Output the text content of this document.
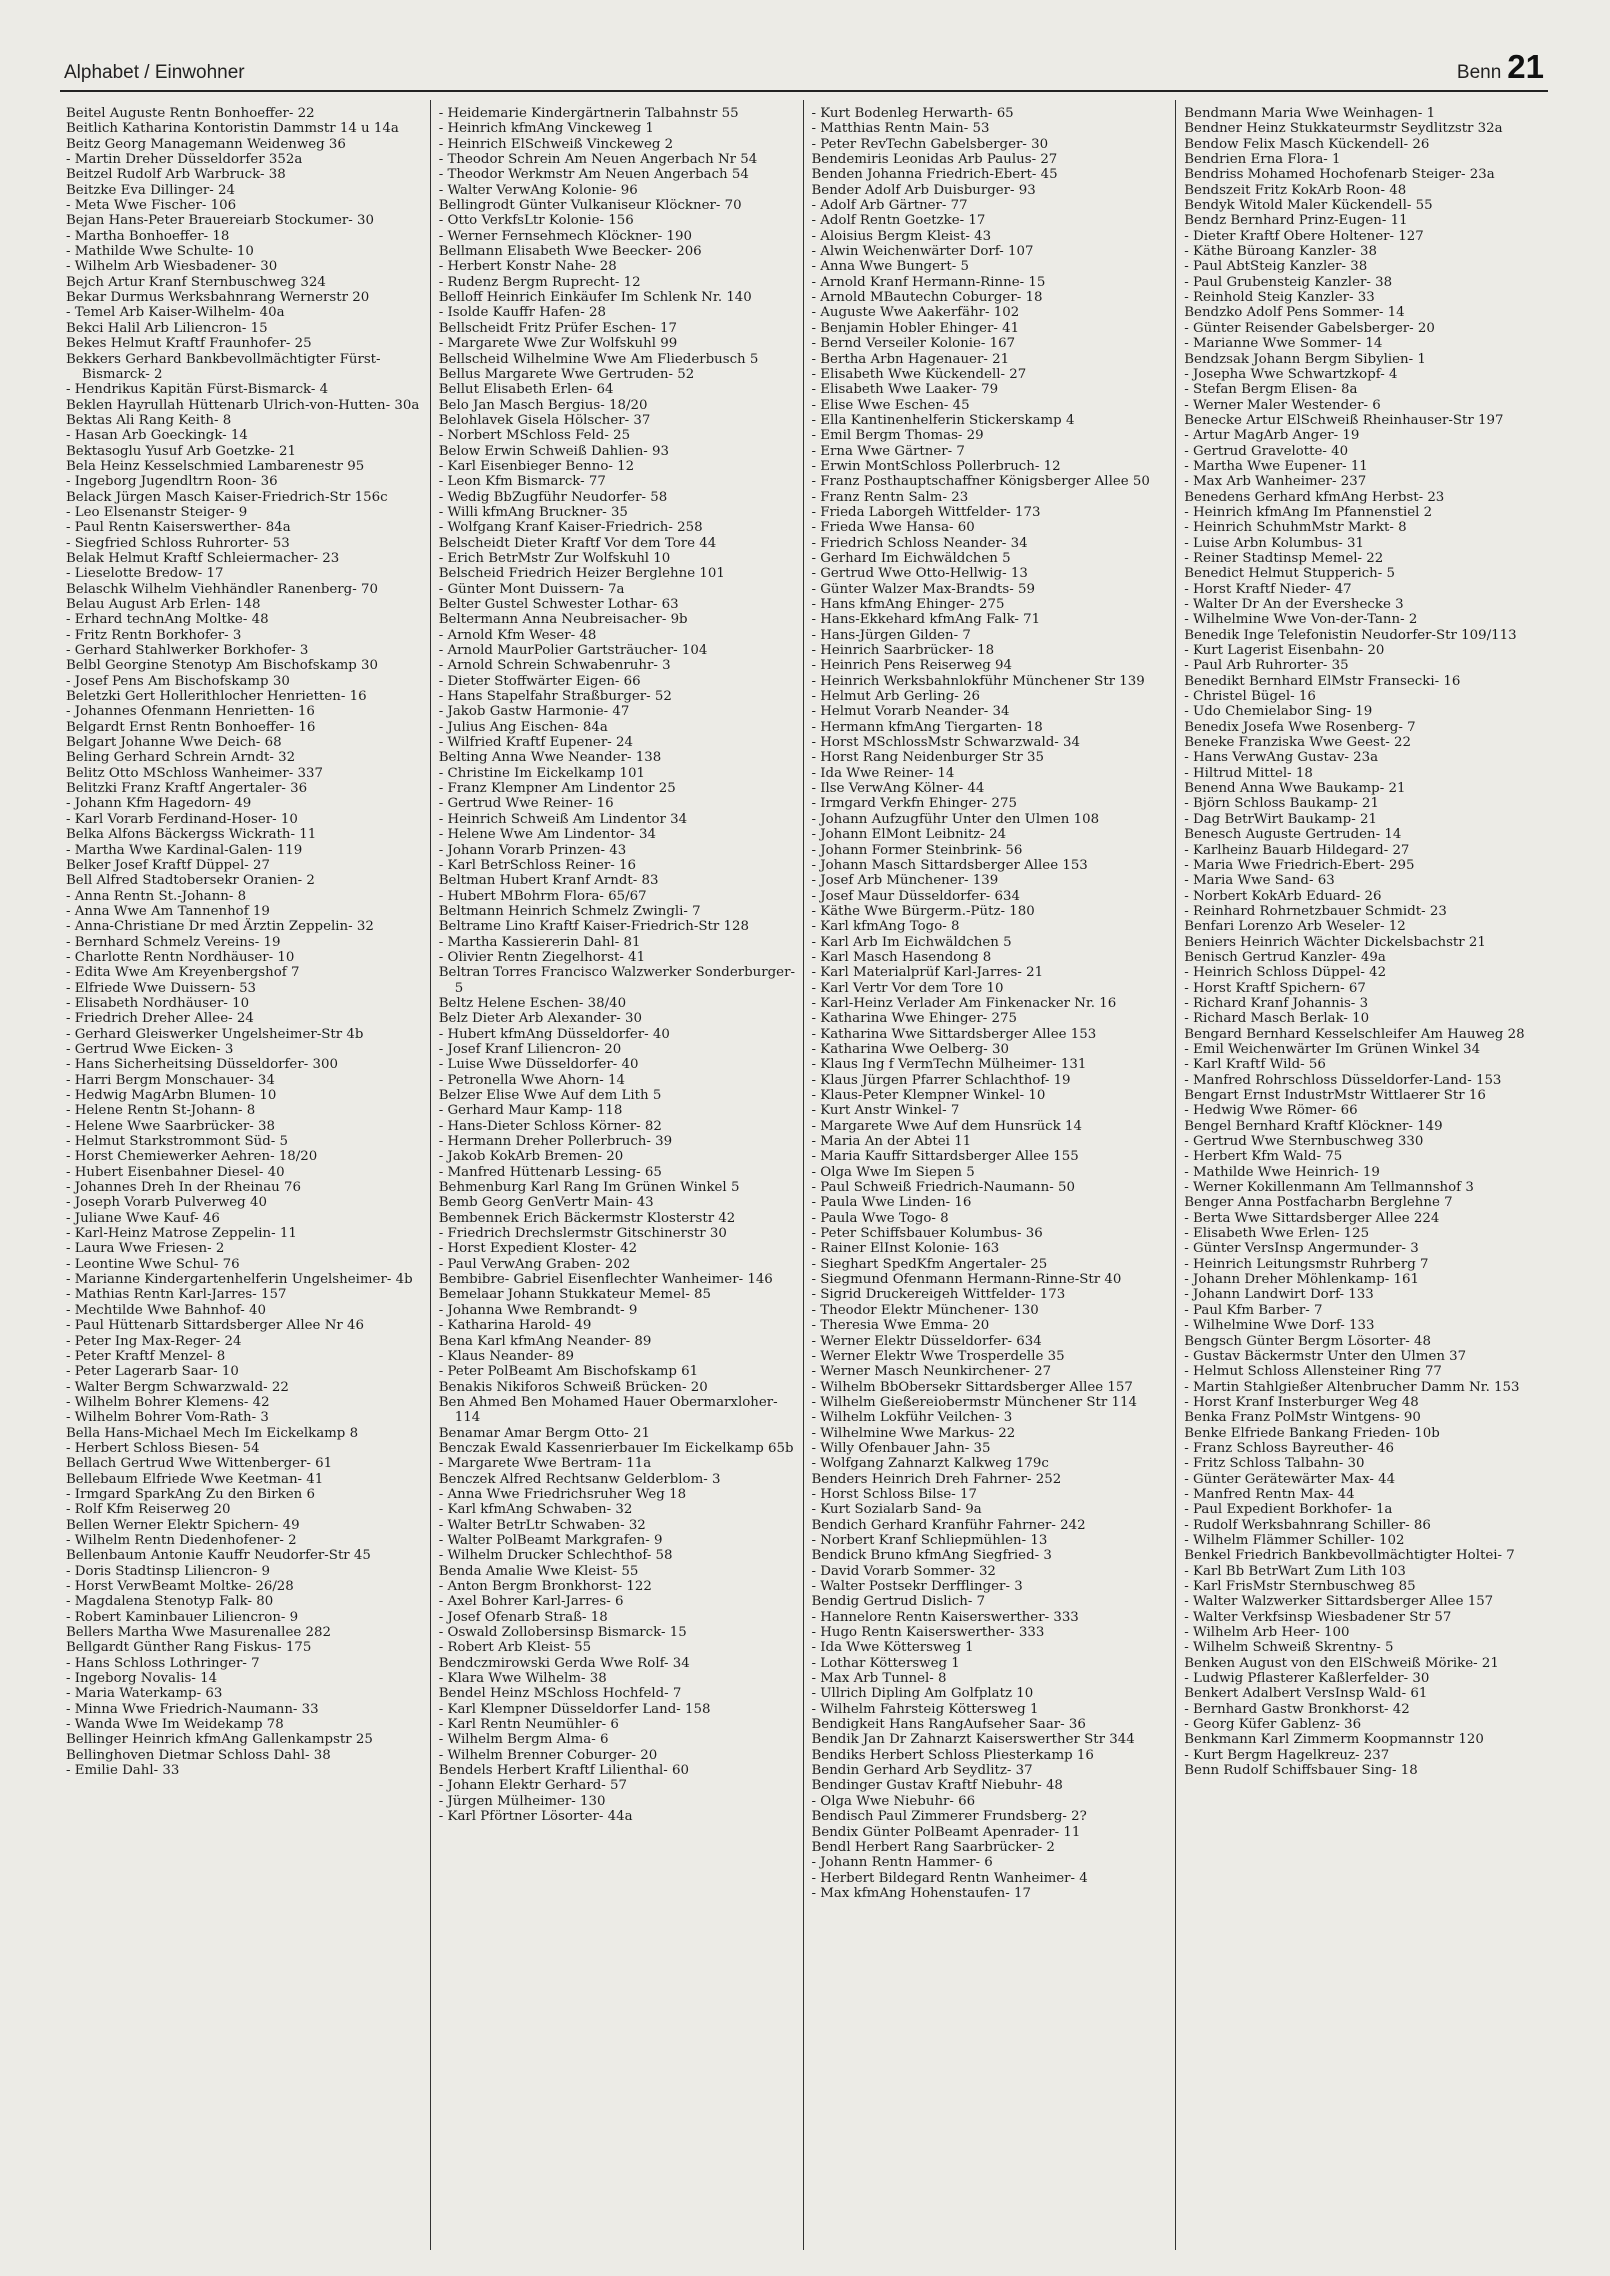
Alphabet / Einwohner	Benn 21

Beitel Auguste Rentn Bonhoeffer- 22

Beitlich Katharina Kontoristin Dammstr 14 u 14a

Beitz Georg Managemann Weidenweg 36

- Martin Dreher Düsseldorfer 352a

Beitzel Rudolf Arb Warbruck- 38

Beitzke Eva Dillinger- 24

- Meta Wwe Fischer- 106

Bejan Hans-Peter Brauereiarb Stockumer- 30

- Martha Bonhoeffer- 18

- Mathilde Wwe Schulte- 10

- Wilhelm Arb Wiesbadener- 30

Bejch Artur Kranf Sternbuschweg 324

Bekar Durmus Werksbahnrang Wernerstr 20

- Temel Arb Kaiser-Wilhelm- 40a

Bekci Halil Arb Liliencron- 15

Bekes Helmut Kraftf Fraunhofer- 25

Bekkers Gerhard Bankbevollmächtigter Fürst-Bismarck- 2

- Hendrikus Kapitän Fürst-Bismarck- 4

Beklen Hayrullah Hüttenarb Ulrich-von-Hutten- 30a

Bektas Ali Rang Keith- 8

- Hasan Arb Goeckingk- 14

Bektasoglu Yusuf Arb Goetzke- 21

Bela Heinz Kesselschmied Lambarenestr 95

- Ingeborg Jugendltrn Roon- 36

Belack Jürgen Masch Kaiser-Friedrich-Str 156c

- Leo Elsenanstr Steiger- 9

- Paul Rentn Kaiserswerther- 84a

- Siegfried Schloss Ruhrorter- 53

Belak Helmut Kraftf Schleiermacher- 23

- Lieselotte Bredow- 17

Belaschk Wilhelm Viehhändler Ranenberg- 70

Belau August Arb Erlen- 148

- Erhard technAng Moltke- 48

- Fritz Rentn Borkhofer- 3

- Gerhard Stahlwerker Borkhofer- 3

Belbl Georgine Stenotyp Am Bischofskamp 30

- Josef Pens Am Bischofskamp 30

Beletzki Gert Hollerithlocher Henrietten- 16

- Johannes Ofenmann Henrietten- 16

Belgardt Ernst Rentn Bonhoeffer- 16

Belgart Johanne Wwe Deich- 68

Beling Gerhard Schrein Arndt- 32

Belitz Otto MSchloss Wanheimer- 337

Belitzki Franz Kraftf Angertaler- 36

- Johann Kfm Hagedorn- 49

- Karl Vorarb Ferdinand-Hoser- 10

Belka Alfons Bäckergss Wickrath- 11

- Martha Wwe Kardinal-Galen- 119

Belker Josef Kraftf Düppel- 27

Bell Alfred Stadtobersekr Oranien- 2

- Anna Rentn St.-Johann- 8

- Anna Wwe Am Tannenhof 19

- Anna-Christiane Dr med Ärztin Zeppelin- 32

- Bernhard Schmelz Vereins- 19

- Charlotte Rentn Nordhäuser- 10

- Edita Wwe Am Kreyenbergshof 7

- Elfriede Wwe Duissern- 53

- Elisabeth Nordhäuser- 10

- Friedrich Dreher Allee- 24

- Gerhard Gleiswerker Ungelsheimer-Str 4b

- Gertrud Wwe Eicken- 3

- Hans Sicherheitsing Düsseldorfer- 300

- Harri Bergm Monschauer- 34

- Hedwig MagArbn Blumen- 10

- Helene Rentn St-Johann- 8

- Helene Wwe Saarbrücker- 38

- Helmut Starkstrommont Süd- 5

- Horst Chemiewerker Aehren- 18/20

- Hubert Eisenbahner Diesel- 40

- Johannes Dreh In der Rheinau 76

- Joseph Vorarb Pulverweg 40

- Juliane Wwe Kauf- 46

- Karl-Heinz Matrose Zeppelin- 11

- Laura Wwe Friesen- 2

- Leontine Wwe Schul- 76

- Marianne Kindergartenhelferin Ungelsheimer- 4b

- Mathias Rentn Karl-Jarres- 157

- Mechtilde Wwe Bahnhof- 40

- Paul Hüttenarb Sittardsberger Allee Nr 46

- Peter Ing Max-Reger- 24

- Peter Kraftf Menzel- 8

- Peter Lagerarb Saar- 10

- Walter Bergm Schwarzwald- 22

- Wilhelm Bohrer Klemens- 42

- Wilhelm Bohrer Vom-Rath- 3

Bella Hans-Michael Mech Im Eickelkamp 8

- Herbert Schloss Biesen- 54

Bellach Gertrud Wwe Wittenberger- 61

Bellebaum Elfriede Wwe Keetman- 41

- Irmgard SparkAng Zu den Birken 6

- Rolf Kfm Reiserweg 20

Bellen Werner Elektr Spichern- 49

- Wilhelm Rentn Diedenhofener- 2

Bellenbaum Antonie Kauffr Neudorfer-Str 45

- Doris Stadtinsp Liliencron- 9

- Horst VerwBeamt Moltke- 26/28

- Magdalena Stenotyp Falk- 80

- Robert Kaminbauer Liliencron- 9

Bellers Martha Wwe Masurenallee 282

Bellgardt Günther Rang Fiskus- 175

- Hans Schloss Lothringer- 7

- Ingeborg Novalis- 14

- Maria Waterkamp- 63

- Minna Wwe Friedrich-Naumann- 33

- Wanda Wwe Im Weidekamp 78

Bellinger Heinrich kfmAng Gallenkampstr 25

Bellinghoven Dietmar Schloss Dahl- 38

- Emilie Dahl- 33

- Heidemarie Kindergärtnerin Talbahnstr 55

- Heinrich kfmAng Vinckeweg 1

- Heinrich ElSchweiß Vinckeweg 2

- Theodor Schrein Am Neuen Angerbach Nr 54

- Theodor Werkmstr Am Neuen Angerbach 54

- Walter VerwAng Kolonie- 96

Bellingrodt Günter Vulkaniseur Klöckner- 70

- Otto VerkfsLtr Kolonie- 156

- Werner Fernsehmech Klöckner- 190

Bellmann Elisabeth Wwe Beecker- 206

- Herbert Konstr Nahe- 28

- Rudenz Bergm Ruprecht- 12

Belloff Heinrich Einkäufer Im Schlenk Nr. 140

- Isolde Kauffr Hafen- 28

Bellscheidt Fritz Prüfer Eschen- 17

- Margarete Wwe Zur Wolfskuhl 99

Bellscheid Wilhelmine Wwe Am Fliederbusch 5

Bellus Margarete Wwe Gertruden- 52

Bellut Elisabeth Erlen- 64

Belo Jan Masch Bergius- 18/20

Belohlavek Gisela Hölscher- 37

- Norbert MSchloss Feld- 25

Below Erwin Schweiß Dahlien- 93

- Karl Eisenbieger Benno- 12

- Leon Kfm Bismarck- 77

- Wedig BbZugführ Neudorfer- 58

- Willi kfmAng Bruckner- 35

- Wolfgang Kranf Kaiser-Friedrich- 258

Belscheidt Dieter Kraftf Vor dem Tore 44

- Erich BetrMstr Zur Wolfskuhl 10

Belscheid Friedrich Heizer Berglehne 101

- Günter Mont Duissern- 7a

Belter Gustel Schwester Lothar- 63

Beltermann Anna Neubreisacher- 9b

- Arnold Kfm Weser- 48

- Arnold MaurPolier Gartsträucher- 104

- Arnold Schrein Schwabenruhr- 3

- Dieter Stoffwärter Eigen- 66

- Hans Stapelfahr Straßburger- 52

- Jakob Gastw Harmonie- 47

- Julius Ang Eischen- 84a

- Wilfried Kraftf Eupener- 24

Belting Anna Wwe Neander- 138

- Christine Im Eickelkamp 101

- Franz Klempner Am Lindentor 25

- Gertrud Wwe Reiner- 16

- Heinrich Schweiß Am Lindentor 34

- Helene Wwe Am Lindentor- 34

- Johann Vorarb Prinzen- 43

- Karl BetrSchloss Reiner- 16

Beltman Hubert Kranf Arndt- 83

- Hubert MBohrm Flora- 65/67

Beltmann Heinrich Schmelz Zwingli- 7

Beltrame Lino Kraftf Kaiser-Friedrich-Str 128

- Martha Kassiererin Dahl- 81

- Olivier Rentn Ziegelhorst- 41

Beltran Torres Francisco Walzwerker Sonderburger- 5

Beltz Helene Eschen- 38/40

Belz Dieter Arb Alexander- 30

- Hubert kfmAng Düsseldorfer- 40

- Josef Kranf Liliencron- 20

- Luise Wwe Düsseldorfer- 40

- Petronella Wwe Ahorn- 14

Belzer Elise Wwe Auf dem Lith 5

- Gerhard Maur Kamp- 118

- Hans-Dieter Schloss Körner- 82

- Hermann Dreher Pollerbruch- 39

- Jakob KokArb Bremen- 20

- Manfred Hüttenarb Lessing- 65

Behmenburg Karl Rang Im Grünen Winkel 5

Bemb Georg GenVertr Main- 43

Bembennek Erich Bäckermstr Klosterstr 42

- Friedrich Drechslermstr Gitschinerstr 30

- Horst Expedient Kloster- 42

- Paul VerwAng Graben- 202

Bembibre- Gabriel Eisenflechter Wanheimer- 146

Bemelaar Johann Stukkateur Memel- 85

- Johanna Wwe Rembrandt- 9

- Katharina Harold- 49

Bena Karl kfmAng Neander- 89

- Klaus Neander- 89

- Peter PolBeamt Am Bischofskamp 61

Benakis Nikiforos Schweiß Brücken- 20

Ben Ahmed Ben Mohamed Hauer Obermarxloher- 114

Benamar Amar Bergm Otto- 21

Benczak Ewald Kassenrierbauer Im Eickelkamp 65b

- Margarete Wwe Bertram- 11a

Benczek Alfred Rechtsanw Gelderblom- 3

- Anna Wwe Friedrichsruher Weg 18

- Karl kfmAng Schwaben- 32

- Walter BetrLtr Schwaben- 32

- Walter PolBeamt Markgrafen- 9

- Wilhelm Drucker Schlechthof- 58

Benda Amalie Wwe Kleist- 55

- Anton Bergm Bronkhorst- 122

- Axel Bohrer Karl-Jarres- 6

- Josef Ofenarb Straß- 18

- Oswald Zollobersinsp Bismarck- 15

- Robert Arb Kleist- 55

Bendczmirowski Gerda Wwe Rolf- 34

- Klara Wwe Wilhelm- 38

Bendel Heinz MSchloss Hochfeld- 7

- Karl Klempner Düsseldorfer Land- 158

- Karl Rentn Neumühler- 6

- Wilhelm Bergm Alma- 6

- Wilhelm Brenner Coburger- 20

Bendels Herbert Kraftf Lilienthal- 60

- Johann Elektr Gerhard- 57

- Jürgen Mülheimer- 130

- Karl Pförtner Lösorter- 44a

- Kurt Bodenleg Herwarth- 65

- Matthias Rentn Main- 53

- Peter RevTechn Gabelsberger- 30

Bendemiris Leonidas Arb Paulus- 27

Benden Johanna Friedrich-Ebert- 45

Bender Adolf Arb Duisburger- 93

- Adolf Arb Gärtner- 77

- Adolf Rentn Goetzke- 17

- Aloisius Bergm Kleist- 43

- Alwin Weichenwärter Dorf- 107

- Anna Wwe Bungert- 5

- Arnold Kranf Hermann-Rinne- 15

- Arnold MBautechn Coburger- 18

- Auguste Wwe Aakerfähr- 102

- Benjamin Hobler Ehinger- 41

- Bernd Verseiler Kolonie- 167

- Bertha Arbn Hagenauer- 21

- Elisabeth Wwe Kückendell- 27

- Elisabeth Wwe Laaker- 79

- Elise Wwe Eschen- 45

- Ella Kantinenhelferin Stickerskamp 4

- Emil Bergm Thomas- 29

- Erna Wwe Gärtner- 7

- Erwin MontSchloss Pollerbruch- 12

- Franz Posthauptschaffner Königsberger Allee 50

- Franz Rentn Salm- 23

- Frieda Laborgeh Wittfelder- 173

- Frieda Wwe Hansa- 60

- Friedrich Schloss Neander- 34

- Gerhard Im Eichwäldchen 5

- Gertrud Wwe Otto-Hellwig- 13

- Günter Walzer Max-Brandts- 59

- Hans kfmAng Ehinger- 275

- Hans-Ekkehard kfmAng Falk- 71

- Hans-Jürgen Gilden- 7

- Heinrich Saarbrücker- 18

- Heinrich Pens Reiserweg 94

- Heinrich Werksbahnlokführ Münchener Str 139

- Helmut Arb Gerling- 26

- Helmut Vorarb Neander- 34

- Hermann kfmAng Tiergarten- 18

- Horst MSchlossMstr Schwarzwald- 34

- Horst Rang Neidenburger Str 35

- Ida Wwe Reiner- 14

- Ilse VerwAng Kölner- 44

- Irmgard Verkfn Ehinger- 275

- Johann Aufzugführ Unter den Ulmen 108

- Johann ElMont Leibnitz- 24

- Johann Former Steinbrink- 56

- Johann Masch Sittardsberger Allee 153

- Josef Arb Münchener- 139

- Josef Maur Düsseldorfer- 634

- Käthe Wwe Bürgerm.-Pütz- 180

- Karl kfmAng Togo- 8

- Karl Arb Im Eichwäldchen 5

- Karl Masch Hasendong 8

- Karl Materialprüf Karl-Jarres- 21

- Karl Vertr Vor dem Tore 10

- Karl-Heinz Verlader Am Finkenacker Nr. 16

- Katharina Wwe Ehinger- 275

- Katharina Wwe Sittardsberger Allee 153

- Katharina Wwe Oelberg- 30

- Klaus Ing f VermTechn Mülheimer- 131

- Klaus Jürgen Pfarrer Schlachthof- 19

- Klaus-Peter Klempner Winkel- 10

- Kurt Anstr Winkel- 7

- Margarete Wwe Auf dem Hunsrück 14

- Maria An der Abtei 11

- Maria Kauffr Sittardsberger Allee 155

- Olga Wwe Im Siepen 5

- Paul Schweiß Friedrich-Naumann- 50

- Paula Wwe Linden- 16

- Paula Wwe Togo- 8

- Peter Schiffsbauer Kolumbus- 36

- Rainer ElInst Kolonie- 163

- Sieghart SpedKfm Angertaler- 25

- Siegmund Ofenmann Hermann-Rinne-Str 40

- Sigrid Druckereigeh Wittfelder- 173

- Theodor Elektr Münchener- 130

- Theresia Wwe Emma- 20

- Werner Elektr Düsseldorfer- 634

- Werner Elektr Wwe Trosperdelle 35

- Werner Masch Neunkirchener- 27

- Wilhelm BbObersekr Sittardsberger Allee 157

- Wilhelm Gießereiobermstr Münchener Str 114

- Wilhelm Lokführ Veilchen- 3

- Wilhelmine Wwe Markus- 22

- Willy Ofenbauer Jahn- 35

- Wolfgang Zahnarzt Kalkweg 179c

Benders Heinrich Dreh Fahrner- 252

- Horst Schloss Bilse- 17

- Kurt Sozialarb Sand- 9a

Bendich Gerhard Kranführ Fahrner- 242

- Norbert Kranf Schliepmühlen- 13

Bendick Bruno kfmAng Siegfried- 3

- David Vorarb Sommer- 32

- Walter Postsekr Derfflinger- 3

Bendig Gertrud Dislich- 7

- Hannelore Rentn Kaiserswerther- 333

- Hugo Rentn Kaiserswerther- 333

- Ida Wwe Köttersweg 1

- Lothar Köttersweg 1

- Max Arb Tunnel- 8

- Ullrich Dipling Am Golfplatz 10

- Wilhelm Fahrsteig Köttersweg 1

Bendigkeit Hans RangAufseher Saar- 36

Bendik Jan Dr Zahnarzt Kaiserswerther Str 344

Bendiks Herbert Schloss Pliesterkamp 16

Bendin Gerhard Arb Seydlitz- 37

Bendinger Gustav Kraftf Niebuhr- 48

- Olga Wwe Niebuhr- 66

Bendisch Paul Zimmerer Frundsberg- 2?

Bendix Günter PolBeamt Apenrader- 11

Bendl Herbert Rang Saarbrücker- 2

- Johann Rentn Hammer- 6

- Herbert Bildegard Rentn Wanheimer- 4

- Max kfmAng Hohenstaufen- 17

Bendmann Maria Wwe Weinhagen- 1

Bendner Heinz Stukkateurmstr Seydlitzstr 32a

Bendow Felix Masch Kückendell- 26

Bendrien Erna Flora- 1

Bendriss Mohamed Hochofenarb Steiger- 23a

Bendszeit Fritz KokArb Roon- 48

Bendyk Witold Maler Kückendell- 55

Bendz Bernhard Prinz-Eugen- 11

- Dieter Kraftf Obere Holtener- 127

- Käthe Büroang Kanzler- 38

- Paul AbtSteig Kanzler- 38

- Paul Grubensteig Kanzler- 38

- Reinhold Steig Kanzler- 33

Bendzko Adolf Pens Sommer- 14

- Günter Reisender Gabelsberger- 20

- Marianne Wwe Sommer- 14

Bendzsak Johann Bergm Sibylien- 1

- Josepha Wwe Schwartzkopf- 4

- Stefan Bergm Elisen- 8a

- Werner Maler Westender- 6

Benecke Artur ElSchweiß Rheinhauser-Str 197

- Artur MagArb Anger- 19

- Gertrud Gravelotte- 40

- Martha Wwe Eupener- 11

- Max Arb Wanheimer- 237

Benedens Gerhard kfmAng Herbst- 23

- Heinrich kfmAng Im Pfannenstiel 2

- Heinrich SchuhmMstr Markt- 8

- Luise Arbn Kolumbus- 31

- Reiner Stadtinsp Memel- 22

Benedict Helmut Stupperich- 5

- Horst Kraftf Nieder- 47

- Walter Dr An der Evershecke 3

- Wilhelmine Wwe Von-der-Tann- 2

Benedik Inge Telefonistin Neudorfer-Str 109/113

- Kurt Lagerist Eisenbahn- 20

- Paul Arb Ruhrorter- 35

Benedikt Bernhard ElMstr Fransecki- 16

- Christel Bügel- 16

- Udo Chemielabor Sing- 19

Benedix Josefa Wwe Rosenberg- 7

Beneke Franziska Wwe Geest- 22

- Hans VerwAng Gustav- 23a

- Hiltrud Mittel- 18

Benend Anna Wwe Baukamp- 21

- Björn Schloss Baukamp- 21

- Dag BetrWirt Baukamp- 21

Benesch Auguste Gertruden- 14

- Karlheinz Bauarb Hildegard- 27

- Maria Wwe Friedrich-Ebert- 295

- Maria Wwe Sand- 63

- Norbert KokArb Eduard- 26

- Reinhard Rohrnetzbauer Schmidt- 23

Benfari Lorenzo Arb Weseler- 12

Beniers Heinrich Wächter Dickelsbachstr 21

Benisch Gertrud Kanzler- 49a

- Heinrich Schloss Düppel- 42

- Horst Kraftf Spichern- 67

- Richard Kranf Johannis- 3

- Richard Masch Berlak- 10

Bengard Bernhard Kesselschleifer Am Hauweg 28

- Emil Weichenwärter Im Grünen Winkel 34

- Karl Kraftf Wild- 56

- Manfred Rohrschloss Düsseldorfer-Land- 153

Bengart Ernst IndustrMstr Wittlaerer Str 16

- Hedwig Wwe Römer- 66

Bengel Bernhard Kraftf Klöckner- 149

- Gertrud Wwe Sternbuschweg 330

- Herbert Kfm Wald- 75

- Mathilde Wwe Heinrich- 19

- Werner Kokillenmann Am Tellmannshof 3

Benger Anna Postfacharbn Berglehne 7

- Berta Wwe Sittardsberger Allee 224

- Elisabeth Wwe Erlen- 125

- Günter VersInsp Angermunder- 3

- Heinrich Leitungsmstr Ruhrberg 7

- Johann Dreher Möhlenkamp- 161

- Johann Landwirt Dorf- 133

- Paul Kfm Barber- 7

- Wilhelmine Wwe Dorf- 133

Bengsch Günter Bergm Lösorter- 48

- Gustav Bäckermstr Unter den Ulmen 37

- Helmut Schloss Allensteiner Ring 77

- Martin Stahlgießer Altenbrucher Damm Nr. 153

- Horst Kranf Insterburger Weg 48

Benka Franz PolMstr Wintgens- 90

Benke Elfriede Bankang Frieden- 10b

- Franz Schloss Bayreuther- 46

- Fritz Schloss Talbahn- 30

- Günter Gerätewärter Max- 44

- Manfred Rentn Max- 44

- Paul Expedient Borkhofer- 1a

- Rudolf Werksbahnrang Schiller- 86

- Wilhelm Flämmer Schiller- 102

Benkel Friedrich Bankbevollmächtigter Holtei- 7

- Karl Bb BetrWart Zum Lith 103

- Karl FrisMstr Sternbuschweg 85

- Walter Walzwerker Sittardsberger Allee 157

- Walter Verkfsinsp Wiesbadener Str 57

- Wilhelm Arb Heer- 100

- Wilhelm Schweiß Skrentny- 5

Benken August von den ElSchweiß Mörike- 21

- Ludwig Pflasterer Kaßlerfelder- 30

Benkert Adalbert VersInsp Wald- 61

- Bernhard Gastw Bronkhorst- 42

- Georg Küfer Gablenz- 36

Benkmann Karl Zimmerm Koopmannstr 120

- Kurt Bergm Hagelkreuz- 237

Benn Rudolf Schiffsbauer Sing- 18
